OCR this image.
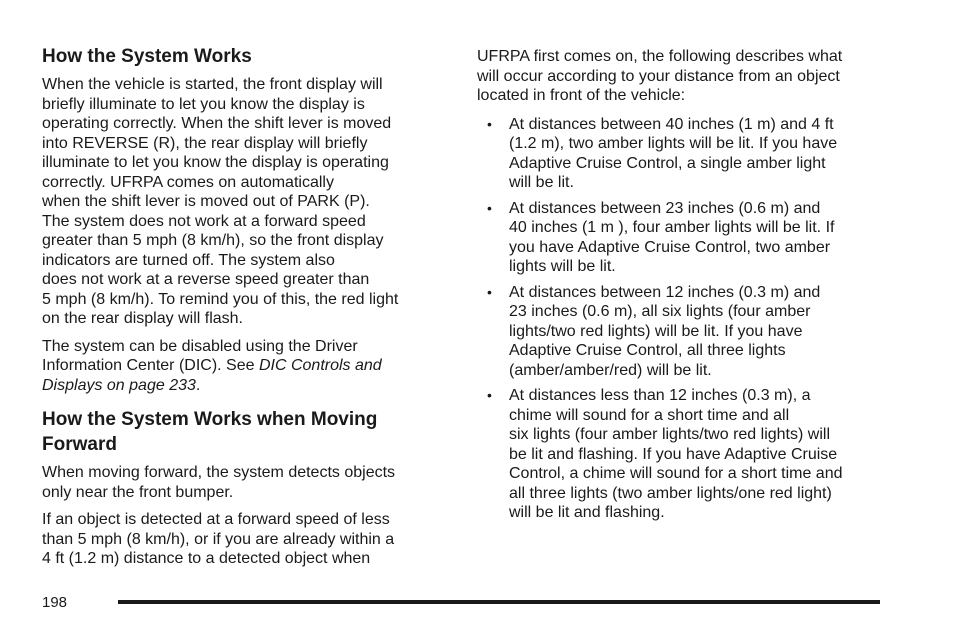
How the System Works

When the vehicle is started, the front display will
briefly illuminate to let you know the display is
operating correctly. When the shift lever is moved
into REVERSE (R), the rear display will briefly
illuminate to let you know the display is operating
correctly. UFRPA comes on automatically
when the shift lever is moved out of PARK (P).
The system does not work at a forward speed
greater than 5 mph (8 km/h), so the front display
indicators are turned off. The system also
does not work at a reverse speed greater than
5 mph (8 km/h). To remind you of this, the red light
on the rear display will flash.

The system can be disabled using the Driver
Information Center (DIC). See DIC Controls and
Displays on page 233.

How the System Works when Moving
Forward

When moving forward, the system detects objects
only near the front bumper.

If an object is detected at a forward speed of less
than 5 mph (8 km/h), or if you are already within a
4 ft (1.2 m) distance to a detected object when

UFRPA first comes on, the following describes what
will occur according to your distance from an object
located in front of the vehicle:

• At distances between 40 inches (1 m) and 4 ft
(1.2 m), two amber lights will be lit. If you have
Adaptive Cruise Control, a single amber light
will be lit.
• At distances between 23 inches (0.6 m) and
40 inches (1 m ), four amber lights will be lit. If
you have Adaptive Cruise Control, two amber
lights will be lit.
• At distances between 12 inches (0.3 m) and
23 inches (0.6 m), all six lights (four amber
lights/two red lights) will be lit. If you have
Adaptive Cruise Control, all three lights
(amber/amber/red) will be lit.
• At distances less than 12 inches (0.3 m), a
chime will sound for a short time and all
six lights (four amber lights/two red lights) will
be lit and flashing. If you have Adaptive Cruise
Control, a chime will sound for a short time and
all three lights (two amber lights/one red light)
will be lit and flashing.
198
